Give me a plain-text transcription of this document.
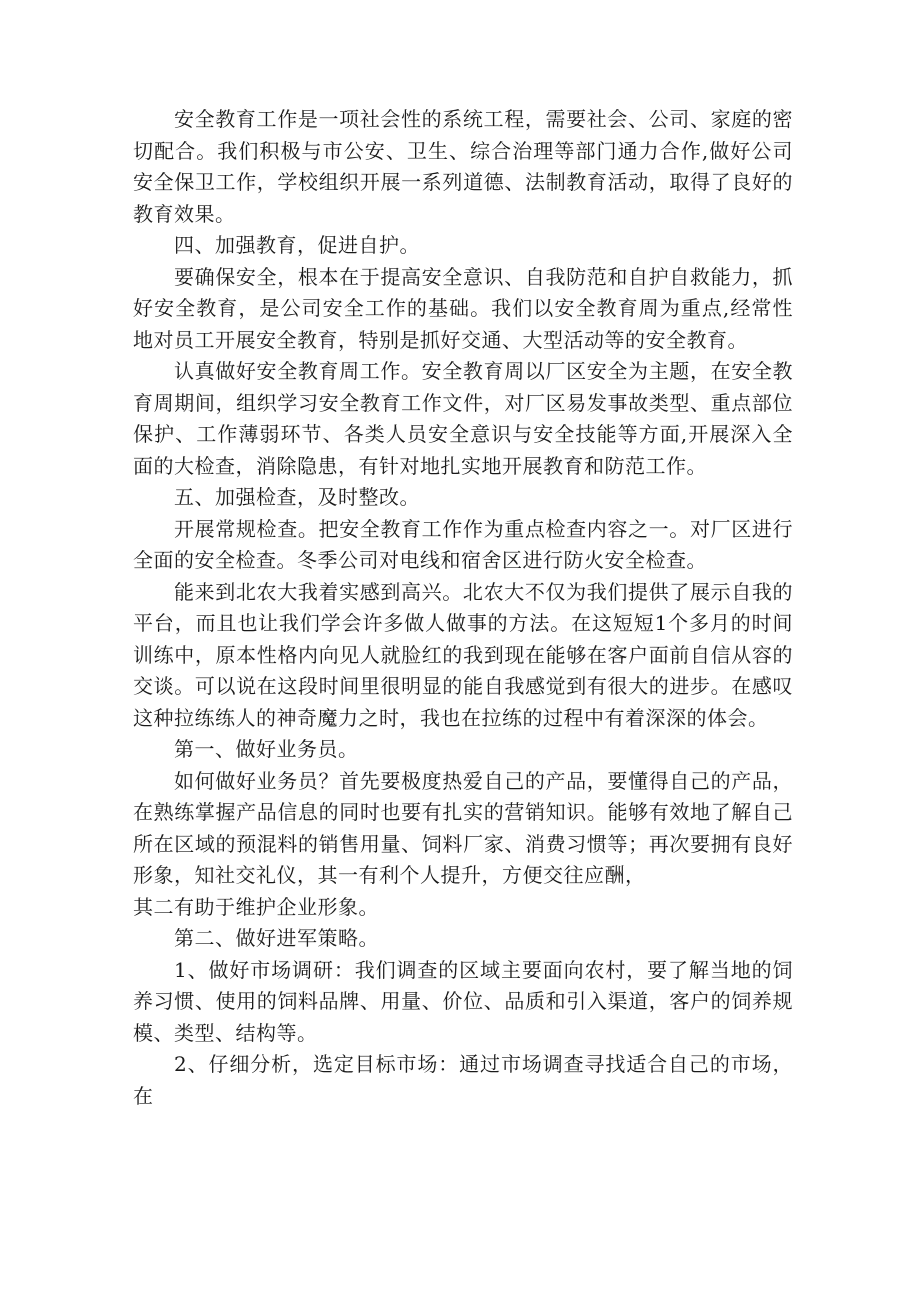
安全教育工作是一项社会性的系统工程，需要社会、公司、家庭的密切配合。我们积极与市公安、卫生、综合治理等部门通力合作,做好公司安全保卫工作，学校组织开展一系列道德、法制教育活动，取得了良好的教育效果。

四、加强教育，促进自护。

要确保安全，根本在于提高安全意识、自我防范和自护自救能力，抓好安全教育，是公司安全工作的基础。我们以安全教育周为重点,经常性地对员工开展安全教育，特别是抓好交通、大型活动等的安全教育。

认真做好安全教育周工作。安全教育周以厂区安全为主题，在安全教育周期间，组织学习安全教育工作文件，对厂区易发事故类型、重点部位保护、工作薄弱环节、各类人员安全意识与安全技能等方面,开展深入全面的大检查，消除隐患，有针对地扎实地开展教育和防范工作。

五、加强检查，及时整改。

开展常规检查。把安全教育工作作为重点检查内容之一。对厂区进行全面的安全检查。冬季公司对电线和宿舍区进行防火安全检查。

能来到北农大我着实感到高兴。北农大不仅为我们提供了展示自我的平台，而且也让我们学会许多做人做事的方法。在这短短1个多月的时间训练中，原本性格内向见人就脸红的我到现在能够在客户面前自信从容的交谈。可以说在这段时间里很明显的能自我感觉到有很大的进步。在感叹这种拉练练人的神奇魔力之时，我也在拉练的过程中有着深深的体会。

第一、做好业务员。

如何做好业务员？首先要极度热爱自己的产品，要懂得自己的产品，在熟练掌握产品信息的同时也要有扎实的营销知识。能够有效地了解自己所在区域的预混料的销售用量、饲料厂家、消费习惯等；再次要拥有良好形象，知社交礼仪，其一有利个人提升，方便交往应酬，

其二有助于维护企业形象。

第二、做好进军策略。

1、做好市场调研：我们调查的区域主要面向农村，要了解当地的饲养习惯、使用的饲料品牌、用量、价位、品质和引入渠道，客户的饲养规模、类型、结构等。

2、仔细分析，选定目标市场：通过市场调查寻找适合自己的市场，在
